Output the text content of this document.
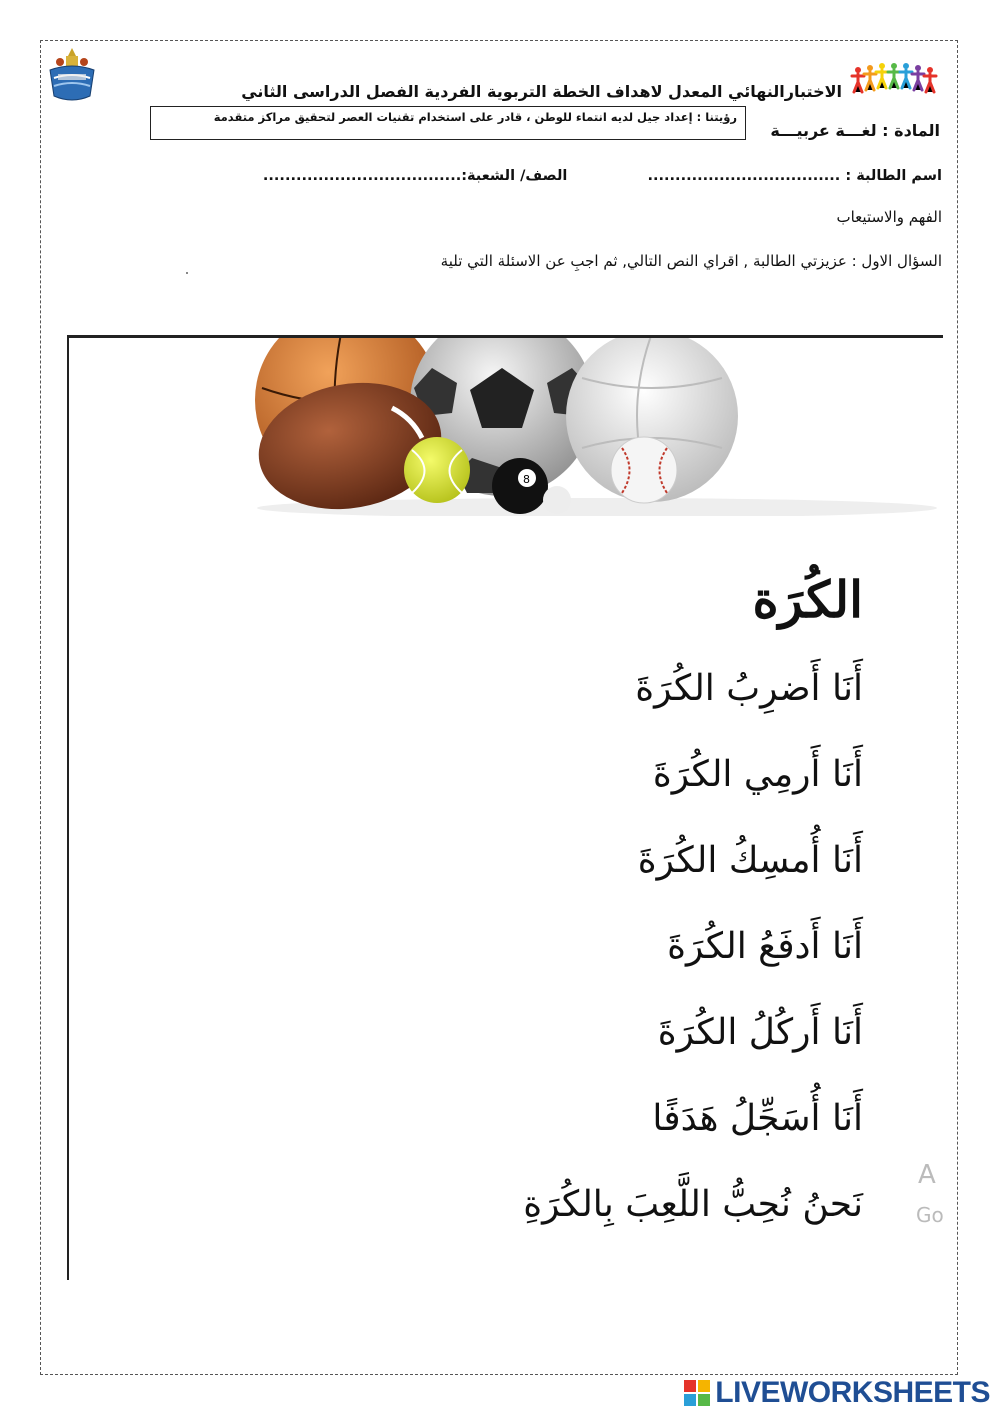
الاختبارالنهائي المعدل لاهداف الخطة التربوية الفردية الفصل الدراسى الثاني
رؤيتنا : إعداد جيل لديه انتماء للوطن ، قادر على استخدام تقنيات العصر لتحقيق مراكز متقدمة
المادة : لغـــة عربيـــة
اسم الطالبة : ...................................  الصف/ الشعبة:....................................
الفهم والاستيعاب
السؤال الاول : عزيزتي الطالبة , اقراي النص التالي, ثم اجبِ عن الاسئلة التي تلية
8
الكُرَة
أَنَا أَضرِبُ الكُرَةَ
أَنَا أَرمِي الكُرَةَ
أَنَا أُمسِكُ الكُرَةَ
أَنَا أَدفَعُ الكُرَةَ
أَنَا أَركُلُ الكُرَةَ
أَنَا أُسَجِّلُ هَدَفًا
نَحنُ نُحِبُّ اللَّعِبَ بِالكُرَةِ
A
Go
LIVEWORKSHEETS
